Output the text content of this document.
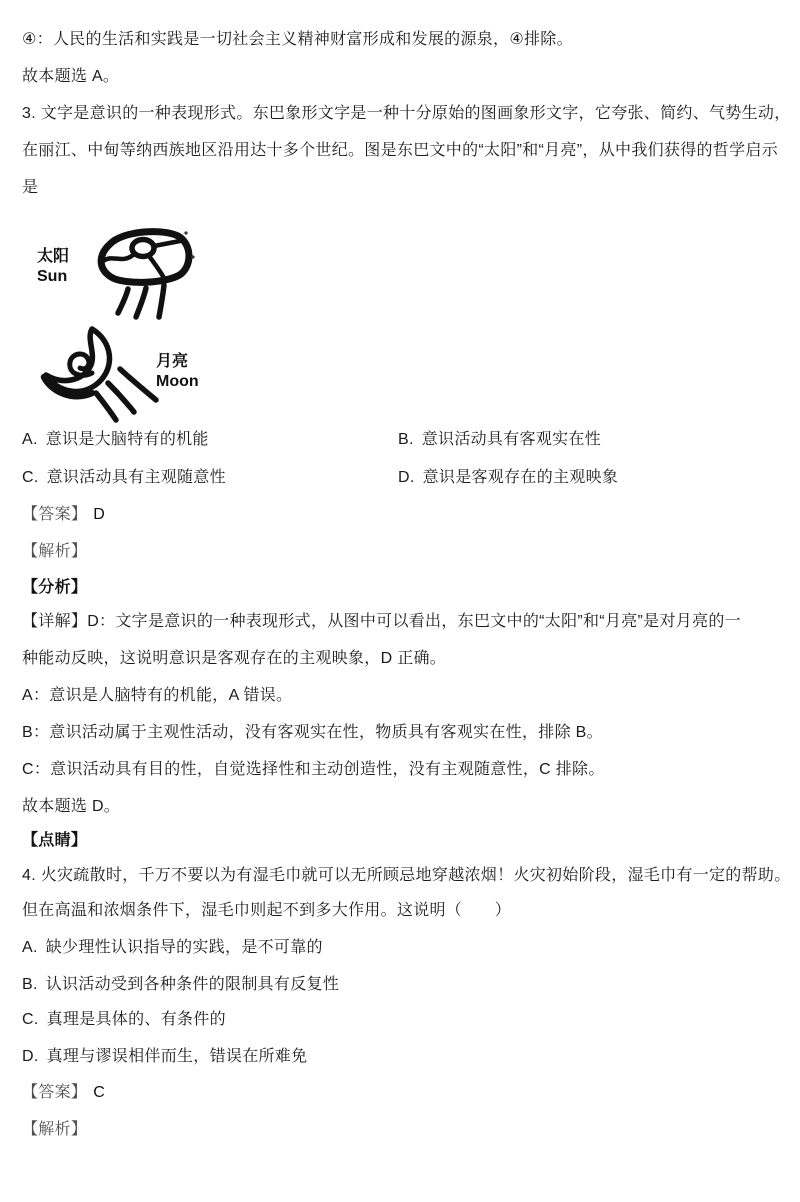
④：人民的生活和实践是一切社会主义精神财富形成和发展的源泉，④排除。
故本题选 A。
3. 文字是意识的一种表现形式。东巴象形文字是一种十分原始的图画象形文字，它夸张、简约、气势生动，
在丽江、中甸等纳西族地区沿用达十多个世纪。图是东巴文中的“太阳”和“月亮”，从中我们获得的哲学启示
是
太阳
Sun
月亮
Moon
A. 意识是大脑特有的机能	B. 意识活动具有客观实在性
C. 意识活动具有主观随意性	D. 意识是客观存在的主观映象
【答案】 D
【解析】
【分析】
【详解】D：文字是意识的一种表现形式，从图中可以看出，东巴文中的“太阳”和“月亮”是对月亮的一
种能动反映，这说明意识是客观存在的主观映象，D 正确。
A：意识是人脑特有的机能，A 错误。
B：意识活动属于主观性活动，没有客观实在性，物质具有客观实在性，排除 B。
C：意识活动具有目的性，自觉选择性和主动创造性，没有主观随意性，C 排除。
故本题选 D。
【点睛】
4. 火灾疏散时，千万不要以为有湿毛巾就可以无所顾忌地穿越浓烟！火灾初始阶段，湿毛巾有一定的帮助。
但在高温和浓烟条件下，湿毛巾则起不到多大作用。这说明（　　）
A. 缺少理性认识指导的实践，是不可靠的
B. 认识活动受到各种条件的限制具有反复性
C. 真理是具体的、有条件的
D. 真理与谬误相伴而生，错误在所难免
【答案】 C
【解析】
